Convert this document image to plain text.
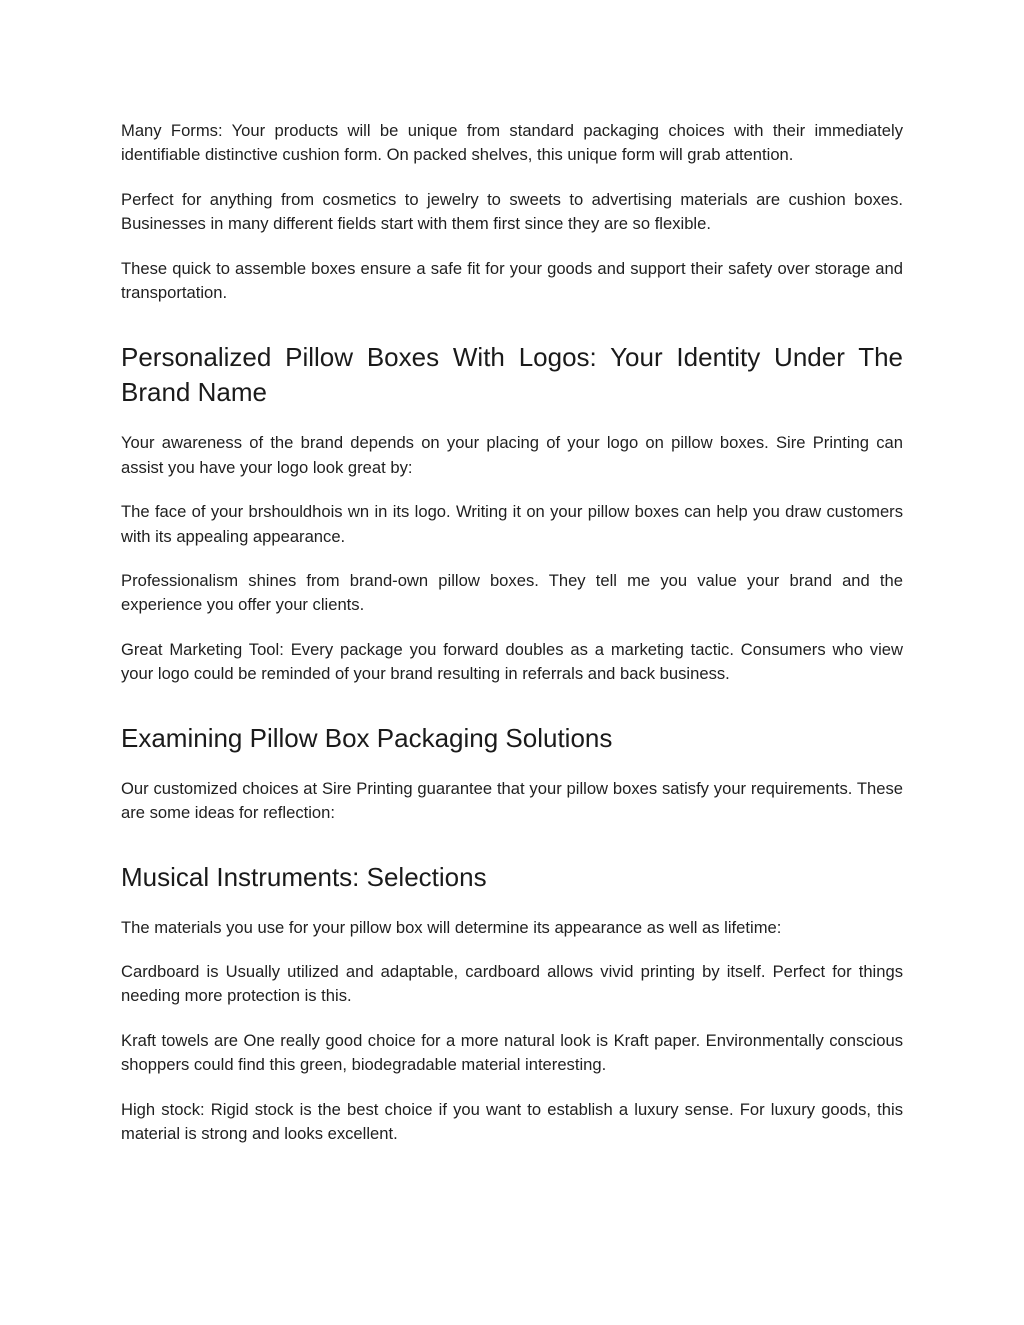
Many Forms: Your products will be unique from standard packaging choices with their immediately identifiable distinctive cushion form. On packed shelves, this unique form will grab attention.

Perfect for anything from cosmetics to jewelry to sweets to advertising materials are cushion boxes. Businesses in many different fields start with them first since they are so flexible.

These quick to assemble boxes ensure a safe fit for your goods and support their safety over storage and transportation.

Personalized Pillow Boxes With Logos: Your Identity Under The Brand Name

Your awareness of the brand depends on your placing of your logo on pillow boxes. Sire Printing can assist you have your logo look great by:

The face of your brshouldhois wn in its logo. Writing it on your pillow boxes can help you draw customers with its appealing appearance.

Professionalism shines from brand-own pillow boxes. They tell me you value your brand and the experience you offer your clients.

Great Marketing Tool: Every package you forward doubles as a marketing tactic. Consumers who view your logo could be reminded of your brand resulting in referrals and back business.

Examining Pillow Box Packaging Solutions

Our customized choices at Sire Printing guarantee that your pillow boxes satisfy your requirements. These are some ideas for reflection:

Musical Instruments: Selections

The materials you use for your pillow box will determine its appearance as well as lifetime:

Cardboard is Usually utilized and adaptable, cardboard allows vivid printing by itself. Perfect for things needing more protection is this.

Kraft towels are One really good choice for a more natural look is Kraft paper. Environmentally conscious shoppers could find this green, biodegradable material interesting.

High stock: Rigid stock is the best choice if you want to establish a luxury sense. For luxury goods, this material is strong and looks excellent.
